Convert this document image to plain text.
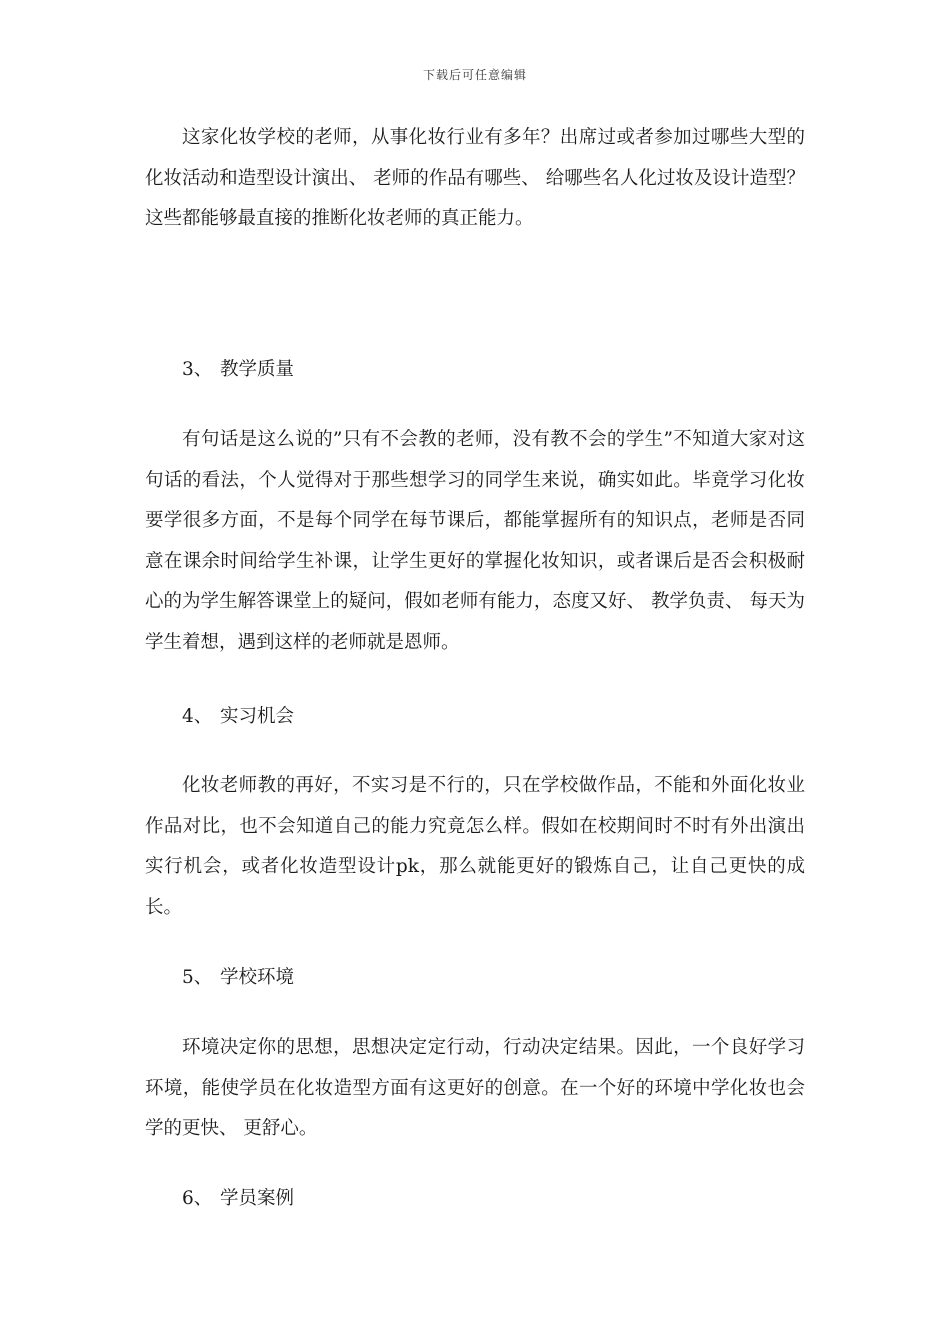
下载后可任意编辑

这家化妆学校的老师，从事化妆行业有多年？出席过或者参加过哪些大型的化妆活动和造型设计演出、 老师的作品有哪些、 给哪些名人化过妆及设计造型？这些都能够最直接的推断化妆老师的真正能力。

3、 教学质量

有句话是这么说的”只有不会教的老师，没有教不会的学生”不知道大家对这句话的看法，个人觉得对于那些想学习的同学生来说，确实如此。毕竟学习化妆要学很多方面，不是每个同学在每节课后，都能掌握所有的知识点，老师是否同意在课余时间给学生补课，让学生更好的掌握化妆知识，或者课后是否会积极耐心的为学生解答课堂上的疑问，假如老师有能力，态度又好、 教学负责、 每天为学生着想，遇到这样的老师就是恩师。

4、 实习机会

化妆老师教的再好，不实习是不行的，只在学校做作品，不能和外面化妆业作品对比，也不会知道自己的能力究竟怎么样。假如在校期间时不时有外出演出实行机会，或者化妆造型设计pk，那么就能更好的锻炼自己，让自己更快的成长。

5、 学校环境

环境决定你的思想，思想决定定行动，行动决定结果。因此，一个良好学习环境，能使学员在化妆造型方面有这更好的创意。在一个好的环境中学化妆也会学的更快、 更舒心。

6、 学员案例
